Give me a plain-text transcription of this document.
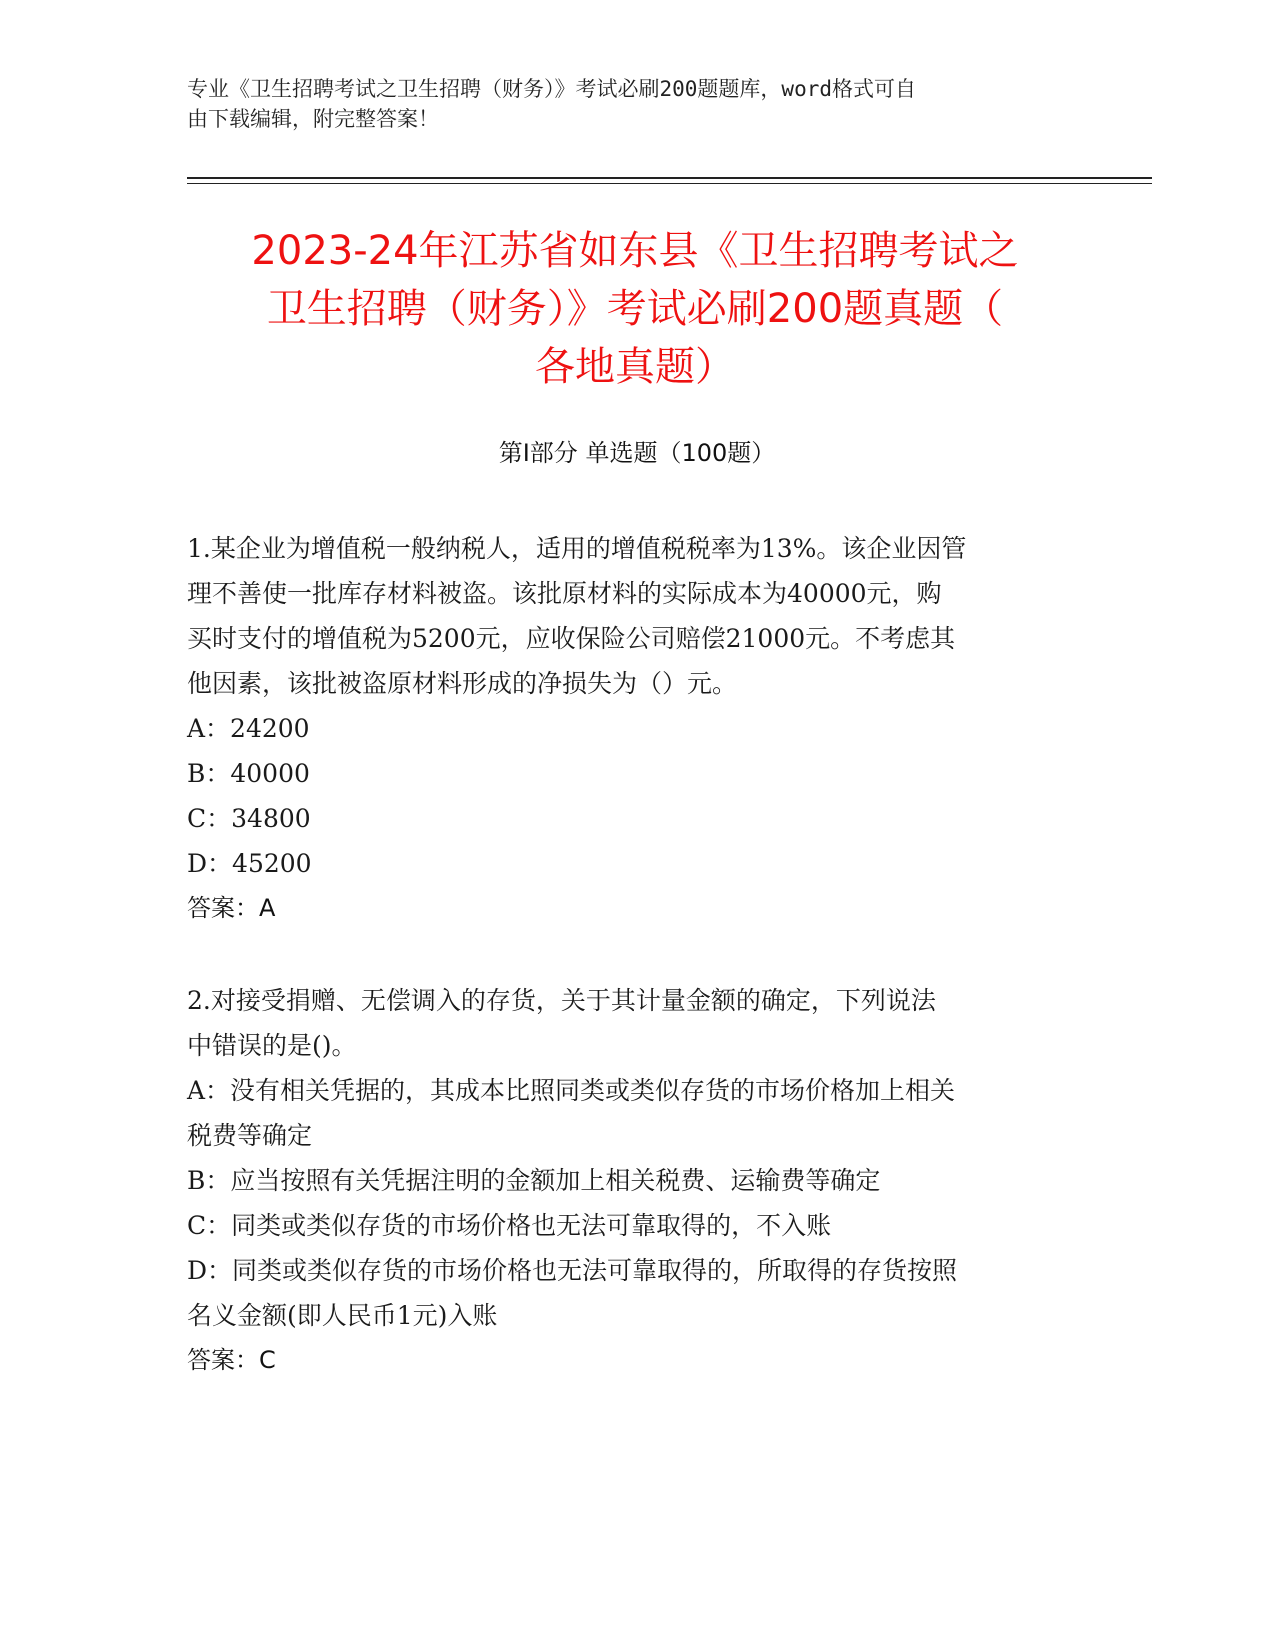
专业《卫生招聘考试之卫生招聘（财务）》考试必刷200题题库，word格式可自
由下载编辑，附完整答案！
2023-24年江苏省如东县《卫生招聘考试之
卫生招聘（财务）》考试必刷200题真题（
各地真题）
第Ⅰ部分 单选题（100题）

1.某企业为增值税一般纳税人，适用的增值税税率为13%。该企业因管

理不善使一批库存材料被盗。该批原材料的实际成本为40000元，购

买时支付的增值税为5200元，应收保险公司赔偿21000元。不考虑其

他因素，该批被盗原材料形成的净损失为（）元。

A：24200

B：40000

C：34800

D：45200

答案：A

2.对接受捐赠、无偿调入的存货，关于其计量金额的确定，下列说法

中错误的是()。

A：没有相关凭据的，其成本比照同类或类似存货的市场价格加上相关

税费等确定

B：应当按照有关凭据注明的金额加上相关税费、运输费等确定

C：同类或类似存货的市场价格也无法可靠取得的，不入账

D：同类或类似存货的市场价格也无法可靠取得的，所取得的存货按照

名义金额(即人民币1元)入账

答案：C
